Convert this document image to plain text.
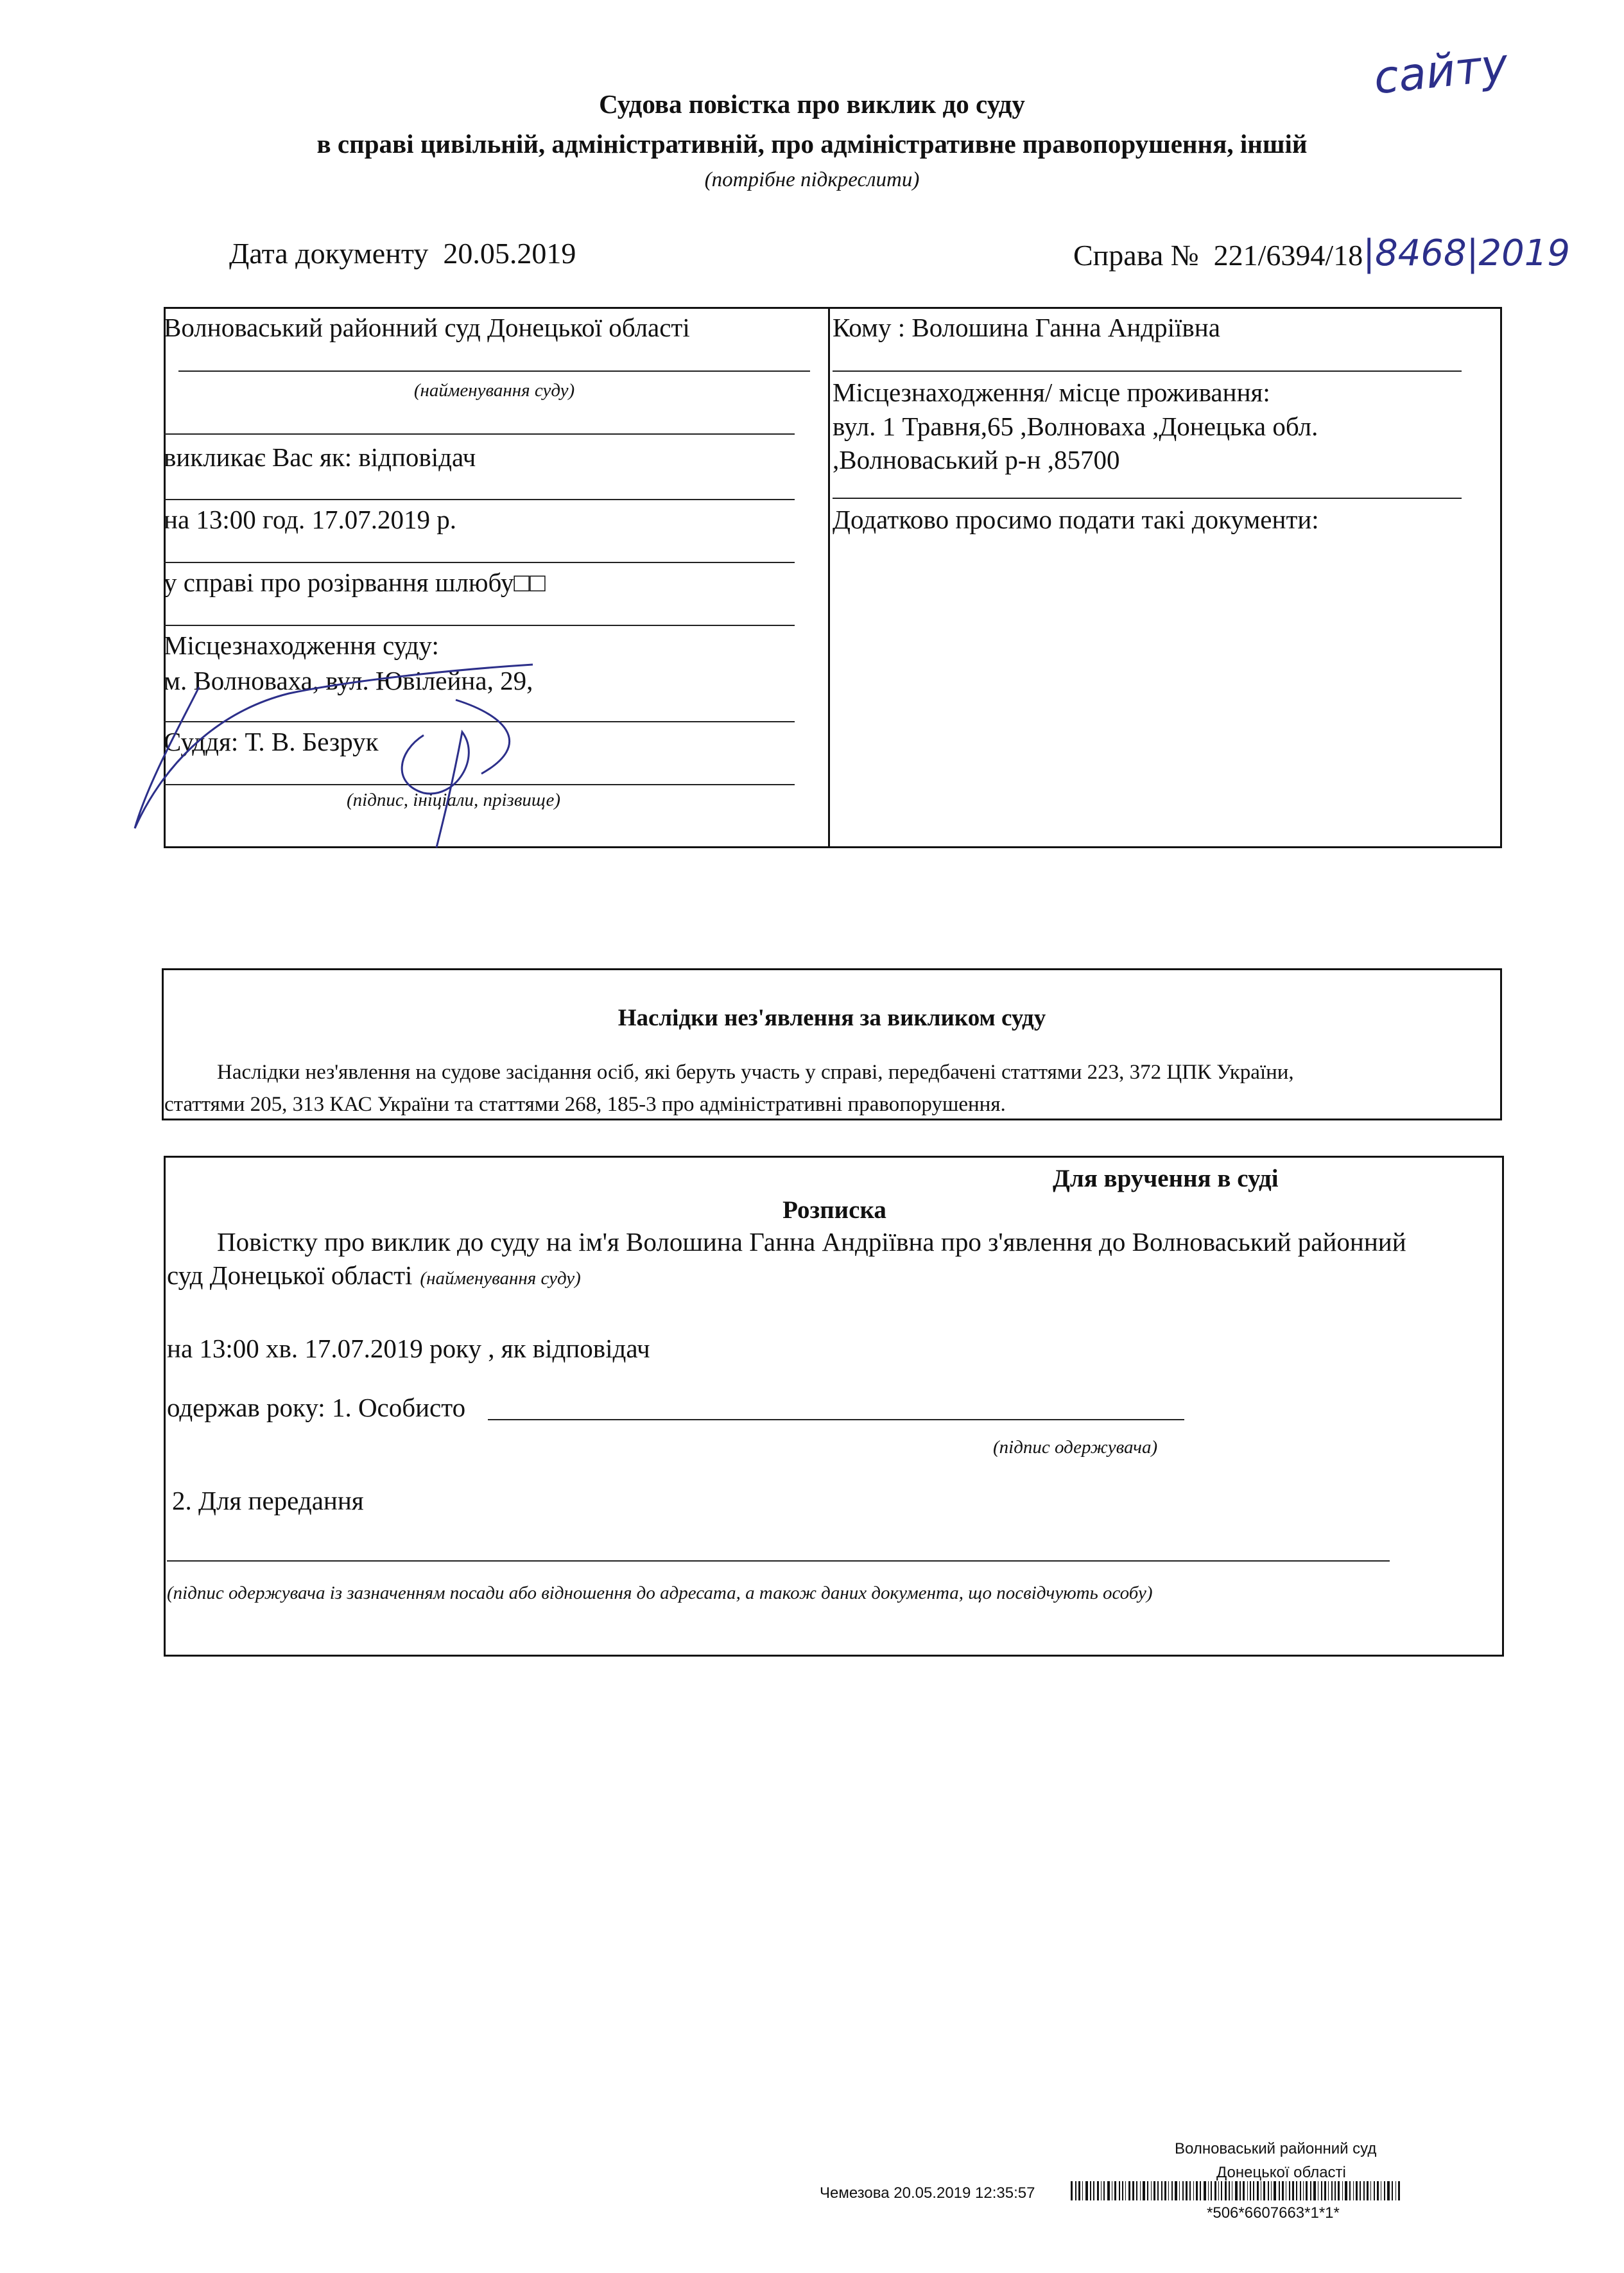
сайту
Судова повістка про виклик до суду
в справі цивільній, адміністративній, про адміністративне правопорушення, іншій
(потрібне підкреслити)
Дата документу 20.05.2019	Справа № 221/6394/18|8468|2019
Волноваський районний суд Донецької області
(найменування суду)
викликає Вас як: відповідач
на 13:00 год. 17.07.2019 р.
у справі про розірвання шлюбу□□
Місцезнаходження суду:
м. Волноваха, вул. Ювілейна, 29,
Суддя: Т. В. Безрук
(підпис, ініціали, прізвище)
Кому : Волошина Ганна Андріївна
Місцезнаходження/ місце проживання:
вул. 1 Травня,65 ,Волноваха ,Донецька обл.
,Волноваський р-н ,85700
Додатково просимо подати такі документи:
Наслідки нез'явлення за викликом суду
Наслідки нез'явлення на судове засідання осіб, які беруть участь у справі, передбачені статтями 223, 372 ЦПК України,
статтями 205, 313 КАС України та статтями 268, 185-3 про адміністративні правопорушення.
Для вручення в суді
Розписка
Повістку про виклик до суду на ім'я Волошина Ганна Андріївна про з'явлення до Волноваський районний
суд Донецької області (найменування суду)
на 13:00 хв. 17.07.2019 року , як відповідач
одержав року: 1. Особисто
(підпис одержувача)
2. Для передання
(підпис одержувача із зазначенням посади або відношення до адресата, а також даних документа, що посвідчують особу)
Волноваський районний суд
Донецької області
Чемезова 20.05.2019 12:35:57
*506*6607663*1*1*
